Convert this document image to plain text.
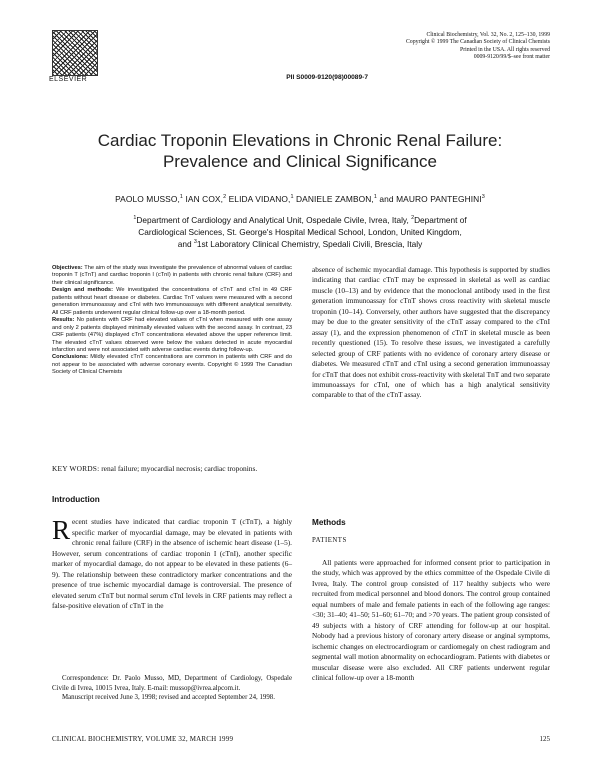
ELSEVIER
Clinical Biochemistry, Vol. 32, No. 2, 125–130, 1999
Copyright © 1999 The Canadian Society of Clinical Chemists
Printed in the USA. All rights reserved
0009-9120/99/$–see front matter
PII S0009-9120(98)00089-7
Cardiac Troponin Elevations in Chronic Renal Failure:
Prevalence and Clinical Significance
PAOLO MUSSO,$^1$ IAN COX,$^2$ ELIDA VIDANO,$^1$ DANIELE ZAMBON,$^1$ and MAURO PANTEGHINI$^3$
$^1$Department of Cardiology and Analytical Unit, Ospedale Civile, Ivrea, Italy, $^2$Department of
Cardiological Sciences, St. George's Hospital Medical School, London, United Kingdom,
and $^3$1st Laboratory Clinical Chemistry, Spedali Civili, Brescia, Italy

Objectives: The aim of the study was investigate the prevalence of abnormal values of cardiac troponin T (cTnT) and cardiac troponin I (cTnI) in patients with chronic renal failure (CRF) and their clinical significance.

Design and methods: We investigated the concentrations of cTnT and cTnI in 49 CRF patients without heart disease or diabetes. Cardiac TnT values were measured with a second generation immunoassay and cTnI with two immunoassays with different analytical sensitivity. All CRF patients underwent regular clinical follow-up over a 18-month period.

Results: No patients with CRF had elevated values of cTnI when measured with one assay and only 2 patients displayed minimally elevated values with the second assay. In contrast, 23 CRF patients (47%) displayed cTnT concentrations elevated above the upper reference limit. The elevated cTnT values observed were below the values detected in acute myocardial infarction and were not associated with adverse cardiac events during follow-up.

Conclusions: Mildly elevated cTnT concentrations are common in patients with CRF and do not appear to be associated with adverse coronary events. Copyright © 1999 The Canadian Society of Clinical Chemists

KEY WORDS: renal failure; myocardial necrosis; cardiac troponins.
Introduction
Recent studies have indicated that cardiac troponin T (cTnT), a highly specific marker of myocardial damage, may be elevated in patients with chronic renal failure (CRF) in the absence of ischemic heart disease (1–5). However, serum concentrations of cardiac troponin I (cTnI), another specific marker of myocardial damage, do not appear to be elevated in these patients (6–9). The relationship between these contradictory marker concentrations and the presence of true ischemic myocardial damage is controversial. The presence of elevated serum cTnT but normal serum cTnI levels in CRF patients may reflect a false-positive elevation of cTnT in the

Correspondence: Dr. Paolo Musso, MD, Department of Cardiology, Ospedale Civile di Ivrea, 10015 Ivrea, Italy. E-mail: mussop@ivrea.alpcom.it.

Manuscript received June 3, 1998; revised and accepted September 24, 1998.

absence of ischemic myocardial damage. This hypothesis is supported by studies indicating that cardiac cTnT may be expressed in skeletal as well as cardiac muscle (10–13) and by evidence that the monoclonal antibody used in the first generation immunoassay for cTnT shows cross reactivity with skeletal muscle troponin (10–14). Conversely, other authors have suggested that the discrepancy may be due to the greater sensitivity of the cTnT assay compared to the cTnI assay (1), and the expression phenomenon of cTnT in skeletal muscle as been recently questioned (15). To resolve these issues, we investigated a carefully selected group of CRF patients with no evidence of coronary artery disease or diabetes. We measured cTnT and cTnI using a second generation immunoassay for cTnT that does not exhibit cross-reactivity with skeletal TnT and two separate immunoassays for cTnI, one of which has a high analytical sensitivity comparable to that of the cTnT assay.
Methods
PATIENTS
All patients were approached for informed consent prior to participation in the study, which was approved by the ethics committee of the Ospedale Civile di Ivrea, Italy. The control group consisted of 117 healthy subjects who were recruited from medical personnel and blood donors. The control group contained equal numbers of male and female patients in each of the following age ranges: <30; 31–40; 41–50; 51–60; 61–70; and >70 years. The patient group consisted of 49 subjects with a history of CRF attending for follow-up at our hospital. Nobody had a previous history of coronary artery disease or anginal symptoms, ischemic changes on electrocardiogram or cardiomegaly on chest radiogram and segmental wall motion abnormality on echocardiogram. Patients with diabetes or muscular disease were also excluded. All CRF patients underwent regular clinical follow-up over a 18-month
CLINICAL BIOCHEMISTRY, VOLUME 32, MARCH 1999	125
